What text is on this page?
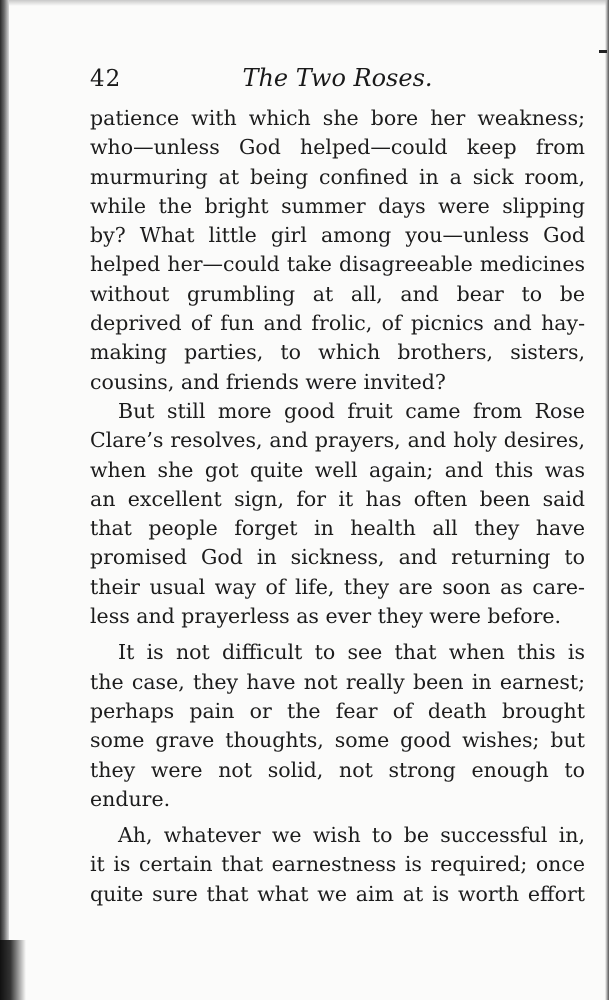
42	The Two Roses.
patience with which she bore her weakness;
who—unless God helped—could keep from
murmuring at being confined in a sick room,
while the bright summer days were slipping
by? What little girl among you—unless God
helped her—could take disagreeable medicines
without grumbling at all, and bear to be
deprived of fun and frolic, of picnics and hay-
making parties, to which brothers, sisters,
cousins, and friends were invited?
But still more good fruit came from Rose
Clare’s resolves, and prayers, and holy desires,
when she got quite well again; and this was
an excellent sign, for it has often been said
that people forget in health all they have
promised God in sickness, and returning to
their usual way of life, they are soon as care-
less and prayerless as ever they were before.
It is not difficult to see that when this is
the case, they have not really been in earnest;
perhaps pain or the fear of death brought
some grave thoughts, some good wishes; but
they were not solid, not strong enough to
endure.
Ah, whatever we wish to be successful in,
it is certain that earnestness is required; once
quite sure that what we aim at is worth effort
